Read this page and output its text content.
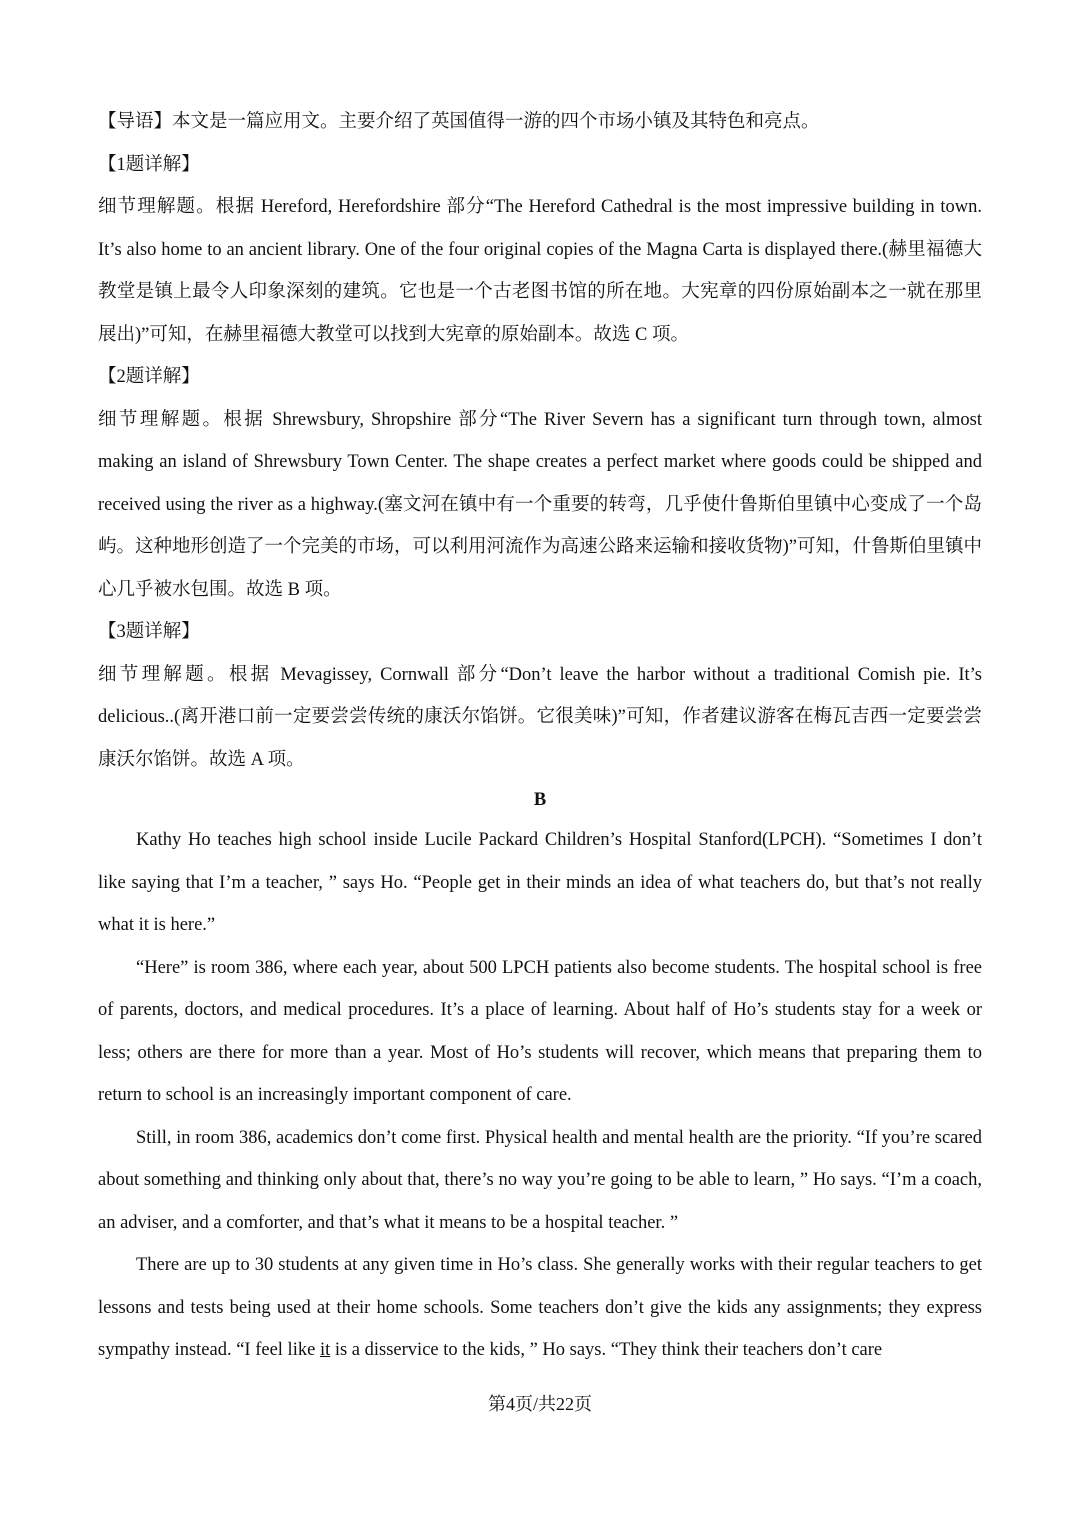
【导语】本文是一篇应用文。主要介绍了英国值得一游的四个市场小镇及其特色和亮点。

【1题详解】

细节理解题。根据 Hereford, Herefordshire 部分“The Hereford Cathedral is the most impressive building in town. It’s also home to an ancient library. One of the four original copies of the Magna Carta is displayed there.(赫里福德大教堂是镇上最令人印象深刻的建筑。它也是一个古老图书馆的所在地。大宪章的四份原始副本之一就在那里展出)”可知，在赫里福德大教堂可以找到大宪章的原始副本。故选 C 项。

【2题详解】

细节理解题。根据 Shrewsbury, Shropshire 部分“The River Severn has a significant turn through town, almost making an island of Shrewsbury Town Center. The shape creates a perfect market where goods could be shipped and received using the river as a highway.(塞文河在镇中有一个重要的转弯，几乎使什鲁斯伯里镇中心变成了一个岛屿。这种地形创造了一个完美的市场，可以利用河流作为高速公路来运输和接收货物)”可知，什鲁斯伯里镇中心几乎被水包围。故选 B 项。

【3题详解】

细节理解题。根据 Mevagissey, Cornwall 部分“Don’t leave the harbor without a traditional Comish pie. It’s delicious..(离开港口前一定要尝尝传统的康沃尔馅饼。它很美味)”可知，作者建议游客在梅瓦吉西一定要尝尝康沃尔馅饼。故选 A 项。

B

Kathy Ho teaches high school inside Lucile Packard Children’s Hospital Stanford(LPCH). “Sometimes I don’t like saying that I’m a teacher, ” says Ho. “People get in their minds an idea of what teachers do, but that’s not really what it is here.”

“Here” is room 386, where each year, about 500 LPCH patients also become students. The hospital school is free of parents, doctors, and medical procedures. It’s a place of learning. About half of Ho’s students stay for a week or less; others are there for more than a year. Most of Ho’s students will recover, which means that preparing them to return to school is an increasingly important component of care.

Still, in room 386, academics don’t come first. Physical health and mental health are the priority. “If you’re scared about something and thinking only about that, there’s no way you’re going to be able to learn, ” Ho says. “I’m a coach, an adviser, and a comforter, and that’s what it means to be a hospital teacher. ”

There are up to 30 students at any given time in Ho’s class. She generally works with their regular teachers to get lessons and tests being used at their home schools. Some teachers don’t give the kids any assignments; they express sympathy instead. “I feel like it is a disservice to the kids, ” Ho says. “They think their teachers don’t care

第4页/共22页
